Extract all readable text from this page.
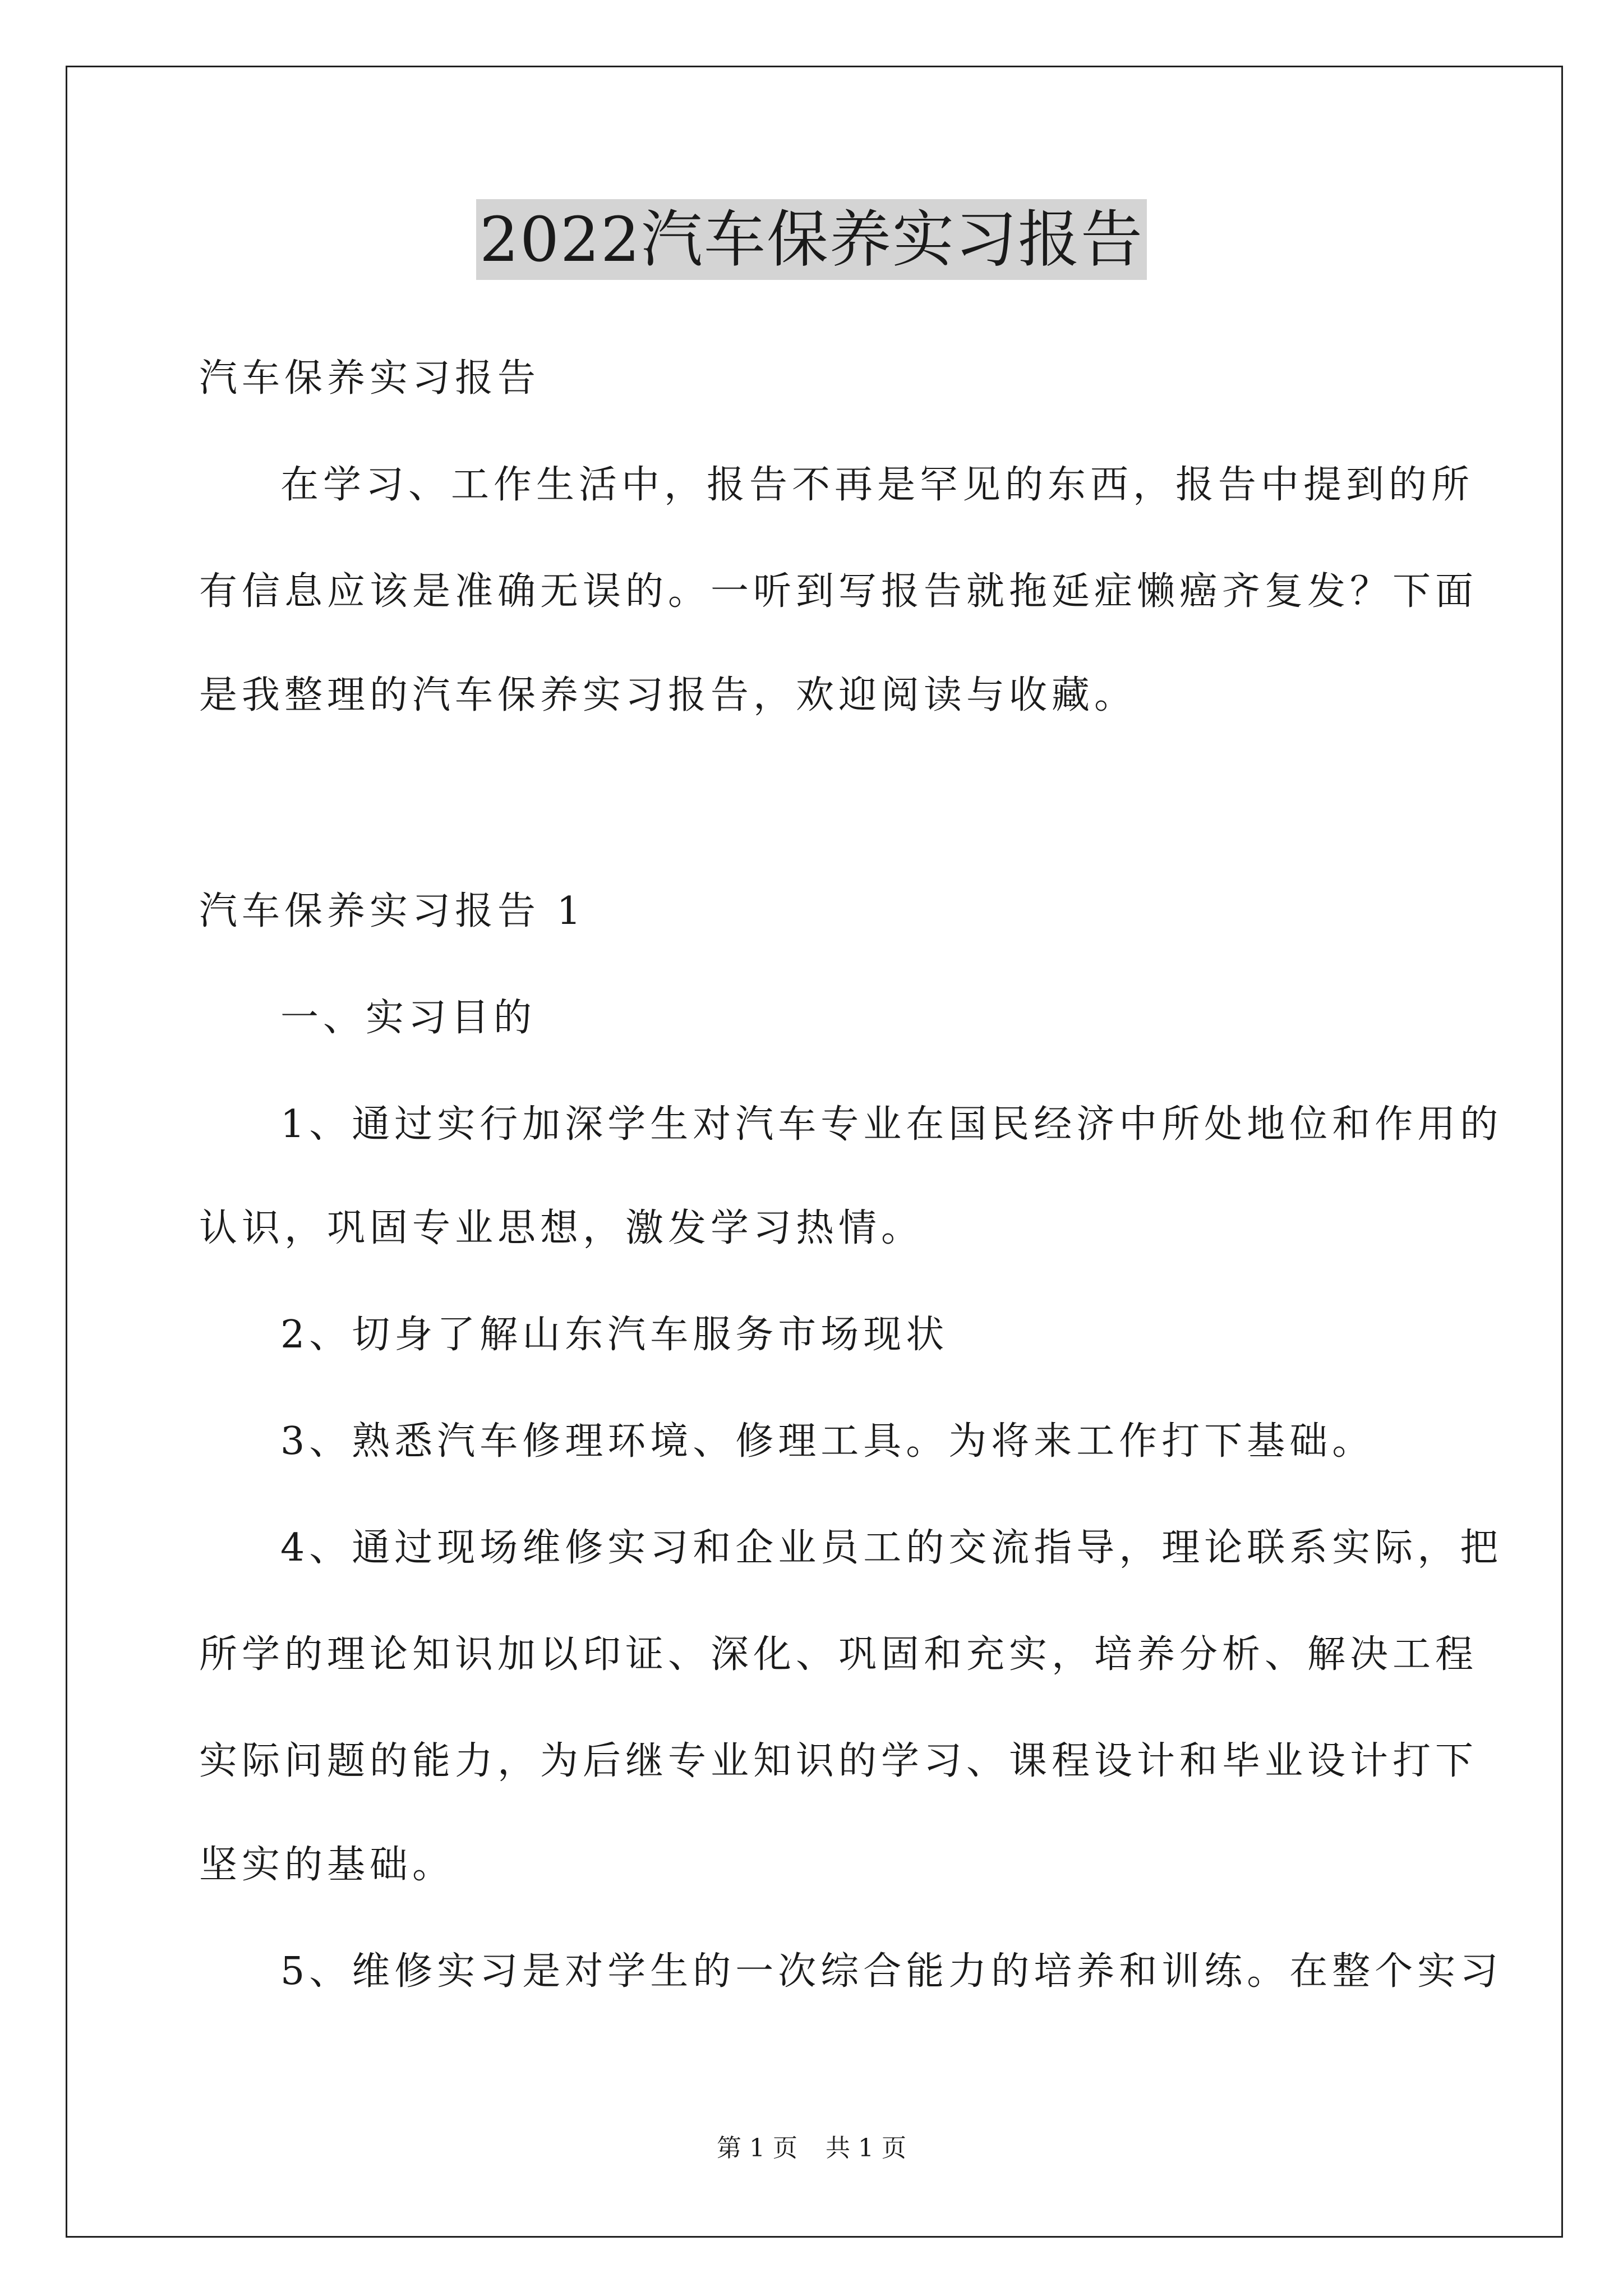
2022汽车保养实习报告
汽车保养实习报告
在学习、工作生活中，报告不再是罕见的东西，报告中提到的所
有信息应该是准确无误的。一听到写报告就拖延症懒癌齐复发？下面
是我整理的汽车保养实习报告，欢迎阅读与收藏。
汽车保养实习报告 1
一、实习目的
1、通过实行加深学生对汽车专业在国民经济中所处地位和作用的
认识，巩固专业思想，激发学习热情。
2、切身了解山东汽车服务市场现状
3、熟悉汽车修理环境、修理工具。为将来工作打下基础。
4、通过现场维修实习和企业员工的交流指导，理论联系实际，把
所学的理论知识加以印证、深化、巩固和充实，培养分析、解决工程
实际问题的能力，为后继专业知识的学习、课程设计和毕业设计打下
坚实的基础。
5、维修实习是对学生的一次综合能力的培养和训练。在整个实习
第 1 页 共 1 页
